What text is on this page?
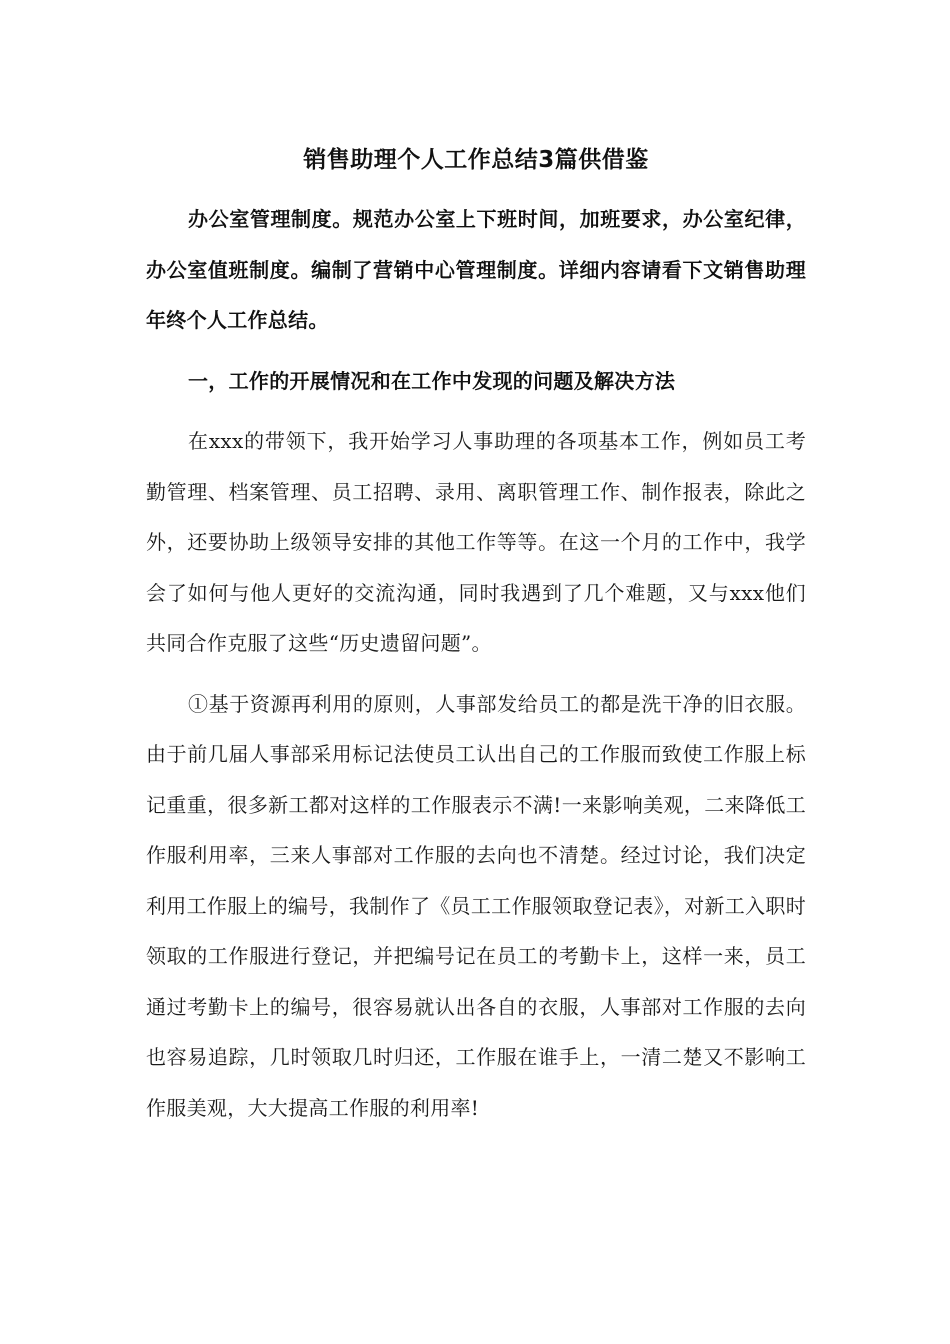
销售助理个人工作总结3篇供借鉴

办公室管理制度。规范办公室上下班时间，加班要求，办公室纪律，办公室值班制度。编制了营销中心管理制度。详细内容请看下文销售助理年终个人工作总结。

一，工作的开展情况和在工作中发现的问题及解决方法

在xxx的带领下，我开始学习人事助理的各项基本工作，例如员工考勤管理、档案管理、员工招聘、录用、离职管理工作、制作报表，除此之外，还要协助上级领导安排的其他工作等等。在这一个月的工作中，我学会了如何与他人更好的交流沟通，同时我遇到了几个难题，又与xxx他们共同合作克服了这些“历史遗留问题”。

①基于资源再利用的原则，人事部发给员工的都是洗干净的旧衣服。由于前几届人事部采用标记法使员工认出自己的工作服而致使工作服上标记重重，很多新工都对这样的工作服表示不满!一来影响美观，二来降低工作服利用率，三来人事部对工作服的去向也不清楚。经过讨论，我们决定利用工作服上的编号，我制作了《员工工作服领取登记表》，对新工入职时领取的工作服进行登记，并把编号记在员工的考勤卡上，这样一来，员工通过考勤卡上的编号，很容易就认出各自的衣服，人事部对工作服的去向也容易追踪，几时领取几时归还，工作服在谁手上，一清二楚又不影响工作服美观，大大提高工作服的利用率!
